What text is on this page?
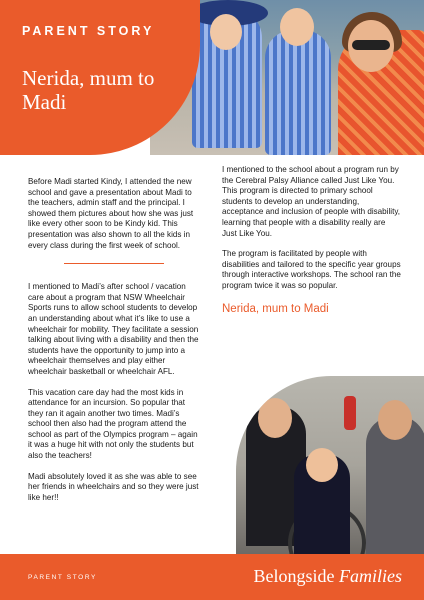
PARENT STORY
Nerida, mum to Madi

Before Madi started Kindy, I attended the new school and gave a presentation about Madi to the teachers, admin staff and the principal. I showed them pictures about how she was just like every other soon to be Kindy kid. This presentation was also shown to all the kids in every class during the first week of school.

I mentioned to Madi’s after school / vacation care about a program that NSW Wheelchair Sports runs to allow school students to develop an understanding about what it’s like to use a wheelchair for mobility. They facilitate a session talking about living with a disability and then the students have the opportunity to jump into a wheelchair themselves and play either wheelchair basketball or wheelchair AFL.

This vacation care day had the most kids in attendance for an incursion. So popular that they ran it again another two times. Madi’s school then also had the program attend the school as part of the Olympics program – again it was a huge hit with not only the students but also the teachers!

Madi absolutely loved it as she was able to see her friends in wheelchairs and so they were just like her!!

I mentioned to the school about a program run by the Cerebral Palsy Alliance called Just Like You. This program is directed to primary school students to develop an understanding, acceptance and inclusion of people with disability, learning that people with a disability really are Just Like You.

The program is facilitated by people with disabilities and tailored to the specific year groups through interactive workshops. The school ran the program twice it was so popular.

Nerida, mum to Madi
PARENT STORY	Belongside Families
